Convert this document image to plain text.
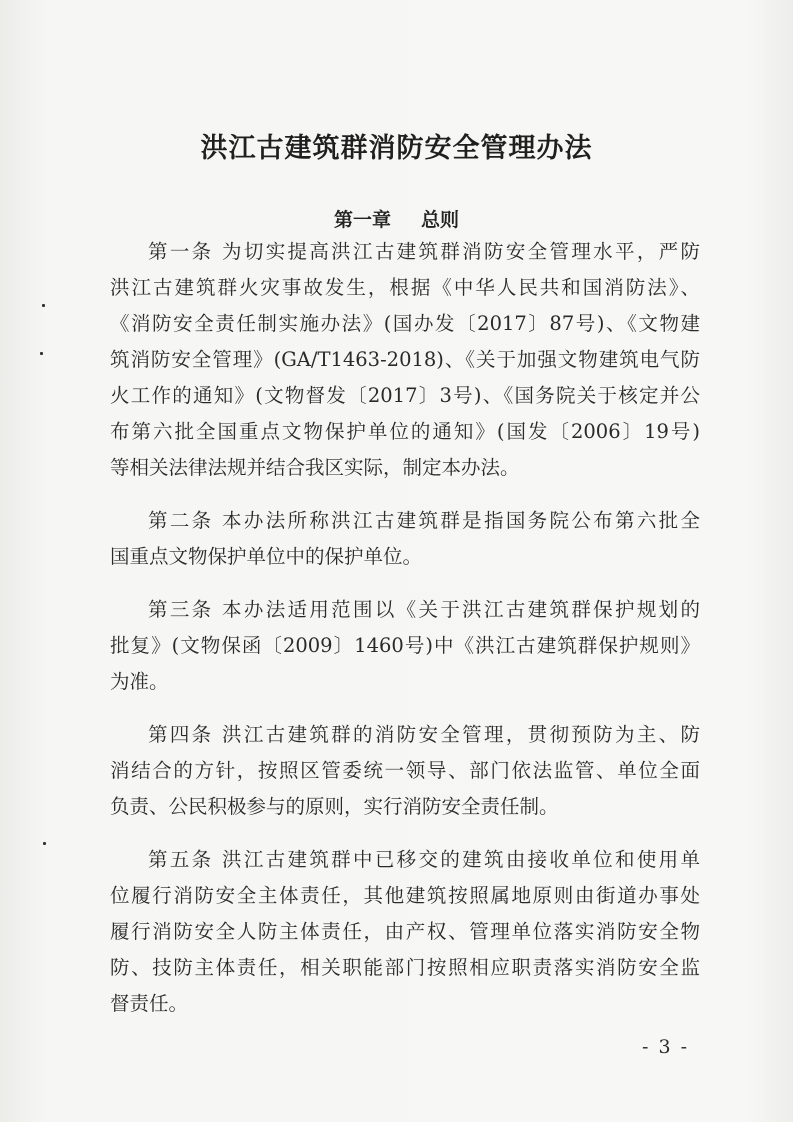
洪江古建筑群消防安全管理办法
第一章 总则
第一条 为切实提高洪江古建筑群消防安全管理水平，严防
洪江古建筑群火灾事故发生，根据《中华人民共和国消防法》、
《消防安全责任制实施办法》(国办发〔2017〕87号)、《文物建
筑消防安全管理》(GA/T1463-2018)、《关于加强文物建筑电气防
火工作的通知》(文物督发〔2017〕3号)、《国务院关于核定并公
布第六批全国重点文物保护单位的通知》(国发〔2006〕19号)
等相关法律法规并结合我区实际，制定本办法。
第二条 本办法所称洪江古建筑群是指国务院公布第六批全
国重点文物保护单位中的保护单位。
第三条 本办法适用范围以《关于洪江古建筑群保护规划的
批复》(文物保函〔2009〕1460号)中《洪江古建筑群保护规则》
为准。
第四条 洪江古建筑群的消防安全管理，贯彻预防为主、防
消结合的方针，按照区管委统一领导、部门依法监管、单位全面
负责、公民积极参与的原则，实行消防安全责任制。
第五条 洪江古建筑群中已移交的建筑由接收单位和使用单
位履行消防安全主体责任，其他建筑按照属地原则由街道办事处
履行消防安全人防主体责任，由产权、管理单位落实消防安全物
防、技防主体责任，相关职能部门按照相应职责落实消防安全监
督责任。
- 3 -
